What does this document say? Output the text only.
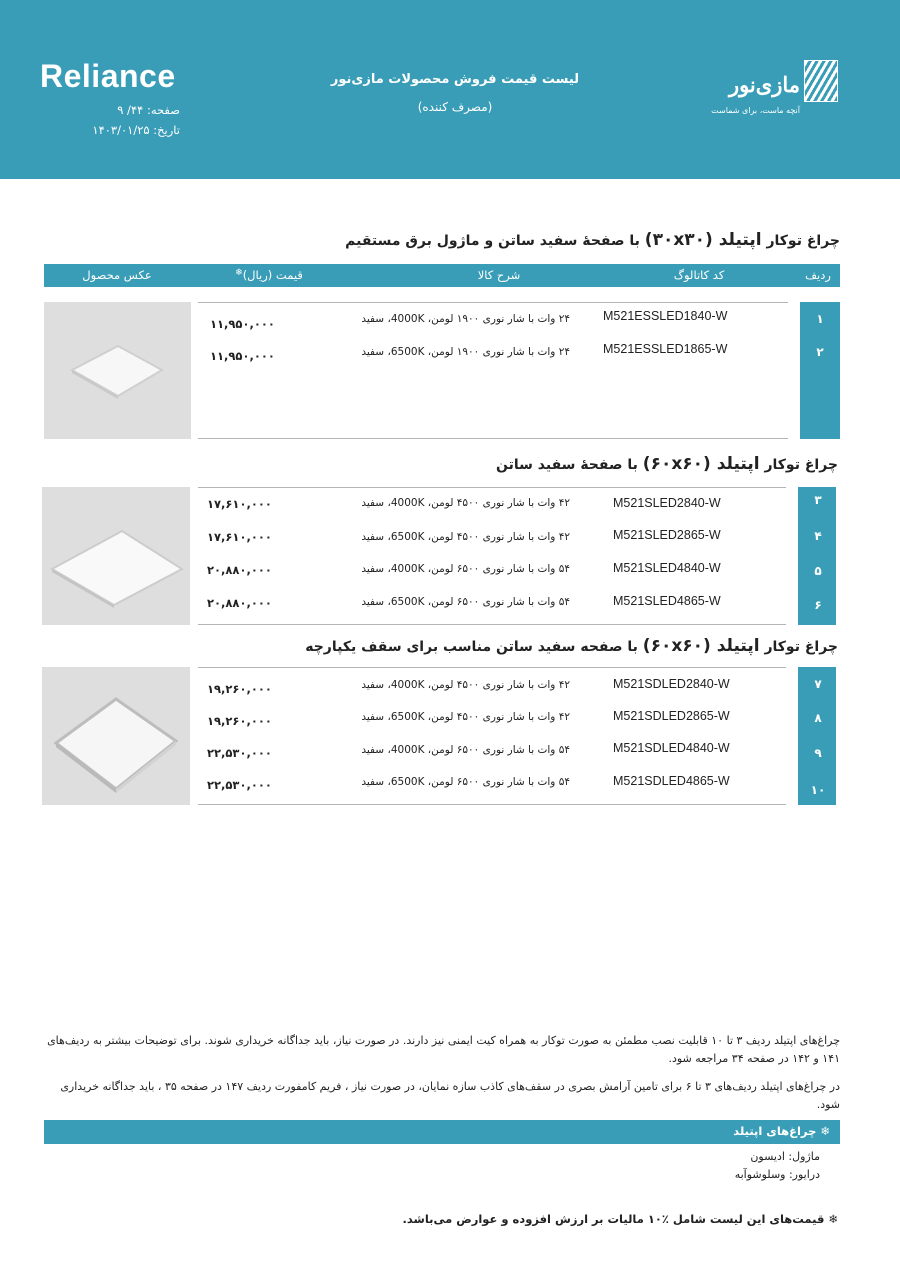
Reliance
صفحه: ۴۴/ ۹
تاریخ: ۱۴۰۳/۰۱/۲۵
لیست قیمت فروش محصولات مازی‌نور
(مصرف کننده)
مازی‌نور
آنچه ماست، برای شماست
چراغ توکار اپتیلد (۳۰x۳۰) با صفحهٔ سفید ساتن و ماژول برق مستقیم
ردیف
کد کاتالوگ
شرح کالا
قیمت (ریال)❄
عکس محصول
۱
M521ESSLED1840-W
۲۴ وات با شار نوری ۱۹۰۰ لومن، 4000K، سفید
۱۱,۹۵۰,۰۰۰
۲
M521ESSLED1865-W
۲۴ وات با شار نوری ۱۹۰۰ لومن، 6500K، سفید
۱۱,۹۵۰,۰۰۰
چراغ توکار اپتیلد (۶۰x۶۰) با صفحهٔ سفید ساتن
۳
M521SLED2840-W
۴۲ وات با شار نوری ۴۵۰۰ لومن، 4000K، سفید
۱۷,۶۱۰,۰۰۰
۴
M521SLED2865-W
۴۲ وات با شار نوری ۴۵۰۰ لومن، 6500K، سفید
۱۷,۶۱۰,۰۰۰
۵
M521SLED4840-W
۵۴ وات با شار نوری ۶۵۰۰ لومن، 4000K، سفید
۲۰,۸۸۰,۰۰۰
۶
M521SLED4865-W
۵۴ وات با شار نوری ۶۵۰۰ لومن، 6500K، سفید
۲۰,۸۸۰,۰۰۰
چراغ توکار اپتیلد (۶۰x۶۰) با صفحه سفید ساتن مناسب برای سقف یکپارچه
۷
M521SDLED2840-W
۴۲ وات با شار نوری ۴۵۰۰ لومن، 4000K، سفید
۱۹,۲۶۰,۰۰۰
۸
M521SDLED2865-W
۴۲ وات با شار نوری ۴۵۰۰ لومن، 6500K، سفید
۱۹,۲۶۰,۰۰۰
۹
M521SDLED4840-W
۵۴ وات با شار نوری ۶۵۰۰ لومن، 4000K، سفید
۲۲,۵۳۰,۰۰۰
۱۰
M521SDLED4865-W
۵۴ وات با شار نوری ۶۵۰۰ لومن، 6500K، سفید
۲۲,۵۳۰,۰۰۰
چراغ‌های اپتیلد ردیف ۳ تا ۱۰ قابلیت نصب مطمئن به صورت توکار به همراه کیت ایمنی نیز دارند. در صورت نیاز، باید جداگانه خریداری شوند. برای توضیحات بیشتر به ردیف‌های ۱۴۱ و ۱۴۲ در صفحه ۳۴ مراجعه شود.
در چراغ‌های اپتیلد ردیف‌های ۳ تا ۶ برای تامین آرامش بصری در سقف‌های کاذب سازه نمایان، در صورت نیاز ، فریم کامفورت ردیف ۱۴۷ در صفحه ۳۵ ، باید جداگانه خریداری شود.
❄ چراغ‌های اپتیلد
ماژول: ادیسون
درایور: وسلوشوآبه
❄ قیمت‌های این لیست شامل ٪۱۰ مالیات بر ارزش افزوده و عوارض می‌باشد.
